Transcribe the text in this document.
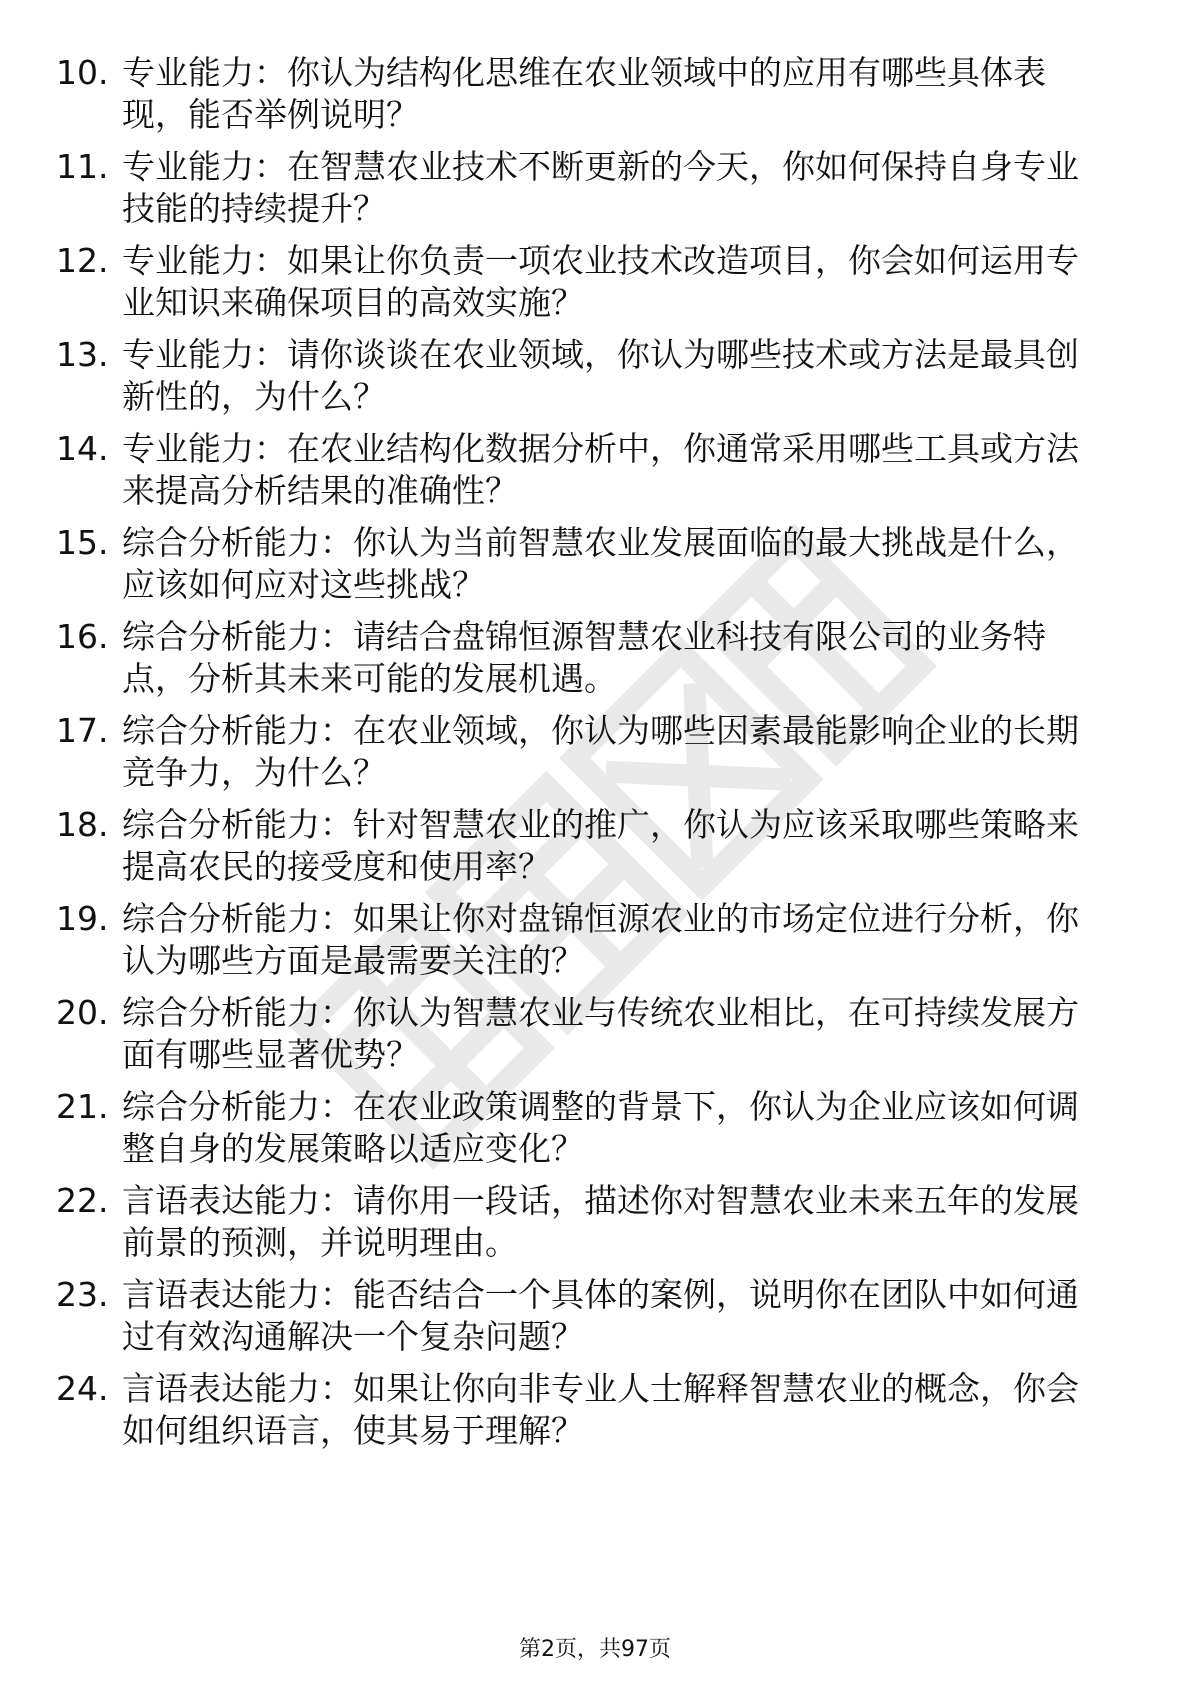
10. 专业能力：你认为结构化思维在农业领域中的应用有哪些具体表现，能否举例说明？
11. 专业能力：在智慧农业技术不断更新的今天，你如何保持自身专业技能的持续提升？
12. 专业能力：如果让你负责一项农业技术改造项目，你会如何运用专业知识来确保项目的高效实施？
13. 专业能力：请你谈谈在农业领域，你认为哪些技术或方法是最具创新性的，为什么？
14. 专业能力：在农业结构化数据分析中，你通常采用哪些工具或方法来提高分析结果的准确性？
15. 综合分析能力：你认为当前智慧农业发展面临的最大挑战是什么，应该如何应对这些挑战？
16. 综合分析能力：请结合盘锦恒源智慧农业科技有限公司的业务特点，分析其未来可能的发展机遇。
17. 综合分析能力：在农业领域，你认为哪些因素最能影响企业的长期竞争力，为什么？
18. 综合分析能力：针对智慧农业的推广，你认为应该采取哪些策略来提高农民的接受度和使用率？
19. 综合分析能力：如果让你对盘锦恒源农业的市场定位进行分析，你认为哪些方面是最需要关注的？
20. 综合分析能力：你认为智慧农业与传统农业相比，在可持续发展方面有哪些显著优势？
21. 综合分析能力：在农业政策调整的背景下，你认为企业应该如何调整自身的发展策略以适应变化？
22. 言语表达能力：请你用一段话，描述你对智慧农业未来五年的发展前景的预测，并说明理由。
23. 言语表达能力：能否结合一个具体的案例，说明你在团队中如何通过有效沟通解决一个复杂问题？
24. 言语表达能力：如果让你向非专业人士解释智慧农业的概念，你会如何组织语言，使其易于理解？
第2页，共97页
